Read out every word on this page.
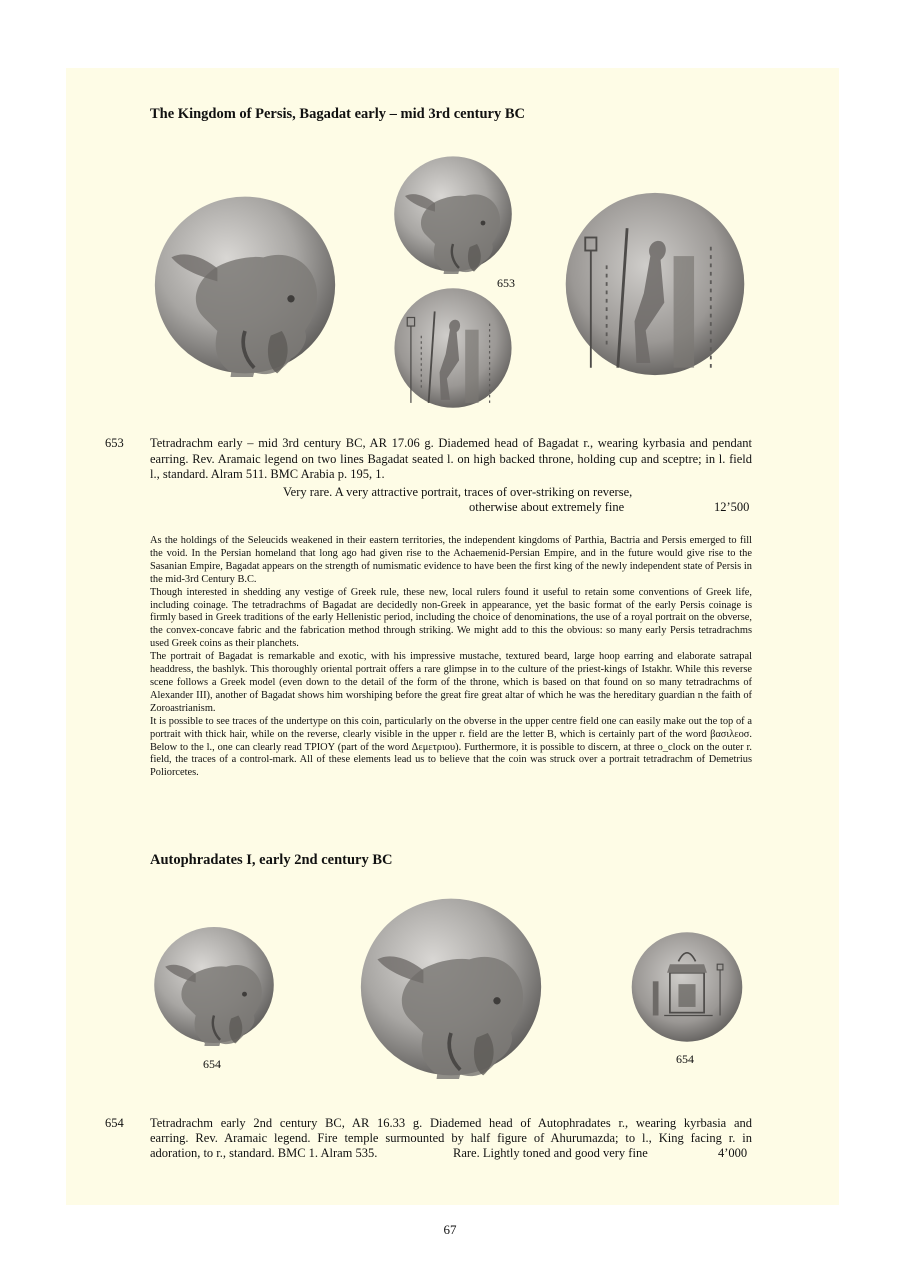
The Kingdom of Persis, Bagadat early – mid 3rd century BC
653
653 Tetradrachm early – mid 3rd century BC, AR 17.06 g. Diademed head of Bagadat r., wearing kyrbasia and pendant earring. Rev. Aramaic legend on two lines Bagadat seated l. on high backed throne, holding cup and sceptre; in l. field l., standard. Alram 511. BMC Arabia p. 195, 1.

Very rare. A very attractive portrait, traces of over-striking on reverse,
otherwise about extremely fine	12’500

As the holdings of the Seleucids weakened in their eastern territories, the independent kingdoms of Parthia, Bactria and Persis emerged to fill the void. In the Persian homeland that long ago had given rise to the Achaemenid-Persian Empire, and in the future would give rise to the Sasanian Empire, Bagadat appears on the strength of numismatic evidence to have been the first king of the newly independent state of Persis in the mid-3rd Century B.C.

Though interested in shedding any vestige of Greek rule, these new, local rulers found it useful to retain some conventions of Greek life, including coinage. The tetradrachms of Bagadat are decidedly non-Greek in appearance, yet the basic format of the early Persis coinage is firmly based in Greek traditions of the early Hellenistic period, including the choice of denominations, the use of a royal portrait on the obverse, the convex-concave fabric and the fabrication method through striking. We might add to this the obvious: so many early Persis tetradrachms used Greek coins as their planchets.

The portrait of Bagadat is remarkable and exotic, with his impressive mustache, textured beard, large hoop earring and elaborate satrapal headdress, the bashlyk. This thoroughly oriental portrait offers a rare glimpse in to the culture of the priest-kings of Istakhr. While this reverse scene follows a Greek model (even down to the detail of the form of the throne, which is based on that found on so many tetradrachms of Alexander III), another of Bagadat shows him worshiping before the great fire great altar of which he was the hereditary guardian n the faith of Zoroastrianism.

It is possible to see traces of the undertype on this coin, particularly on the obverse in the upper centre field one can easily make out the top of a portrait with thick hair, while on the reverse, clearly visible in the upper r. field are the letter B, which is certainly part of the word βασιλεοσ. Below to the l., one can clearly read TPIOY (part of the word Δεμετριου). Furthermore, it is possible to discern, at three o_clock on the outer r. field, the traces of a control-mark. All of these elements lead us to believe that the coin was struck over a portrait tetradrachm of Demetrius Poliorcetes.

Autophradates I, early 2nd century BC
654	654
654 Tetradrachm early 2nd century BC, AR 16.33 g. Diademed head of Autophradates r., wearing kyrbasia and
earring. Rev. Aramaic legend. Fire temple surmounted by half figure of Ahurumazda; to l., King facing r. in
adoration, to r., standard. BMC 1. Alram 535.	Rare. Lightly toned and good very fine	4’000
67
